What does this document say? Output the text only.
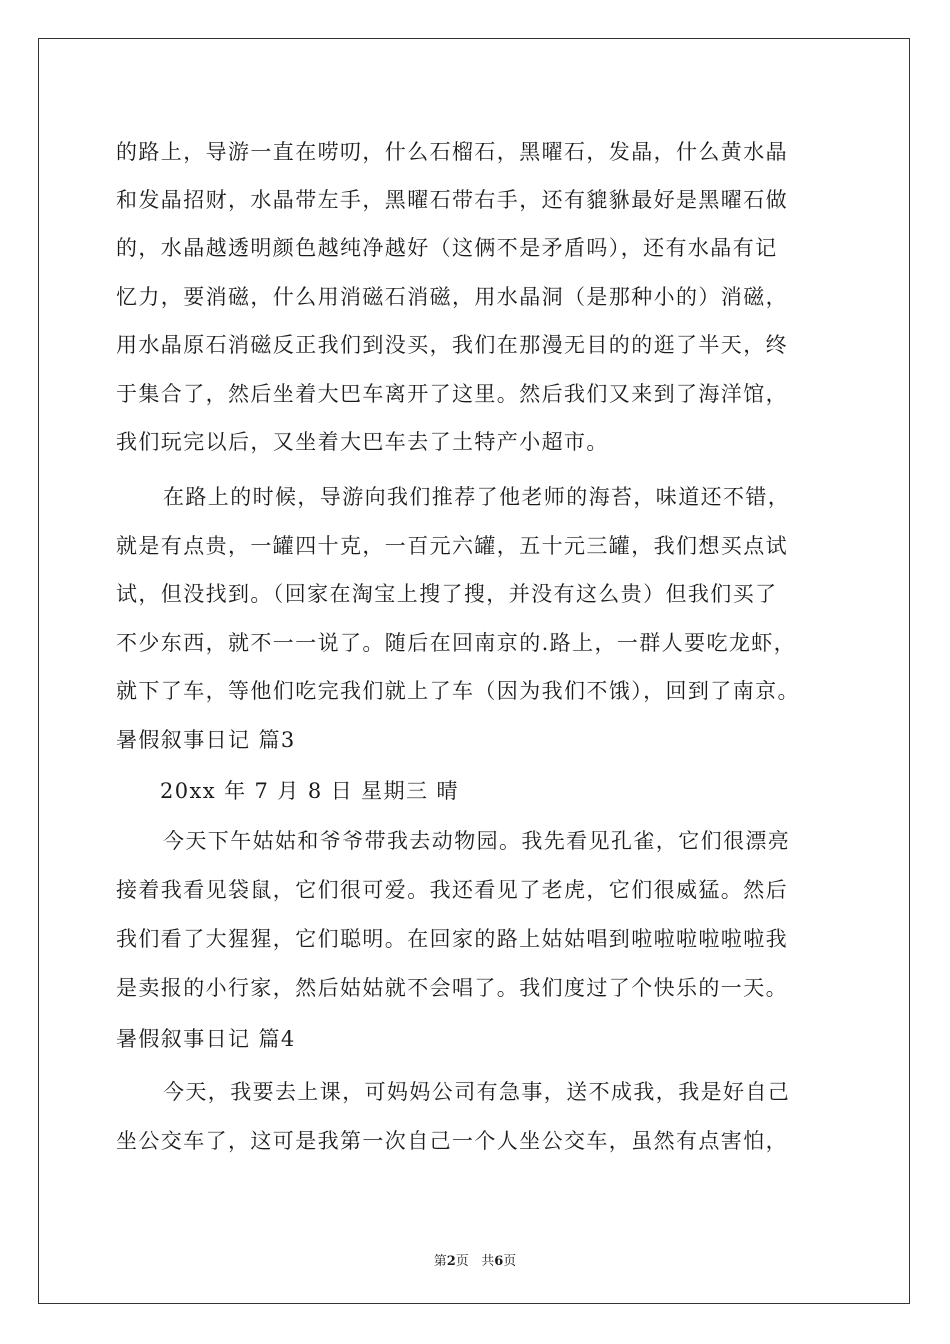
的路上，导游一直在唠叨，什么石榴石，黑曜石，发晶，什么黄水晶
和发晶招财，水晶带左手，黑曜石带右手，还有貔貅最好是黑曜石做
的，水晶越透明颜色越纯净越好（这俩不是矛盾吗），还有水晶有记
忆力，要消磁，什么用消磁石消磁，用水晶洞（是那种小的）消磁，
用水晶原石消磁反正我们到没买，我们在那漫无目的的逛了半天，终
于集合了，然后坐着大巴车离开了这里。然后我们又来到了海洋馆，
我们玩完以后，又坐着大巴车去了土特产小超市。
在路上的时候，导游向我们推荐了他老师的海苔，味道还不错，
就是有点贵，一罐四十克，一百元六罐，五十元三罐，我们想买点试
试，但没找到。（回家在淘宝上搜了搜，并没有这么贵）但我们买了
不少东西，就不一一说了。随后在回南京的.路上，一群人要吃龙虾，
就下了车，等他们吃完我们就上了车（因为我们不饿），回到了南京。
暑假叙事日记 篇3
20xx 年 7 月 8 日 星期三 晴
今天下午姑姑和爷爷带我去动物园。我先看见孔雀，它们很漂亮
接着我看见袋鼠，它们很可爱。我还看见了老虎，它们很威猛。然后
我们看了大猩猩，它们聪明。在回家的路上姑姑唱到啦啦啦啦啦啦我
是卖报的小行家，然后姑姑就不会唱了。我们度过了个快乐的一天。
暑假叙事日记 篇4
今天，我要去上课，可妈妈公司有急事，送不成我，我是好自己
坐公交车了，这可是我第一次自己一个人坐公交车，虽然有点害怕，
第2页   共6页
